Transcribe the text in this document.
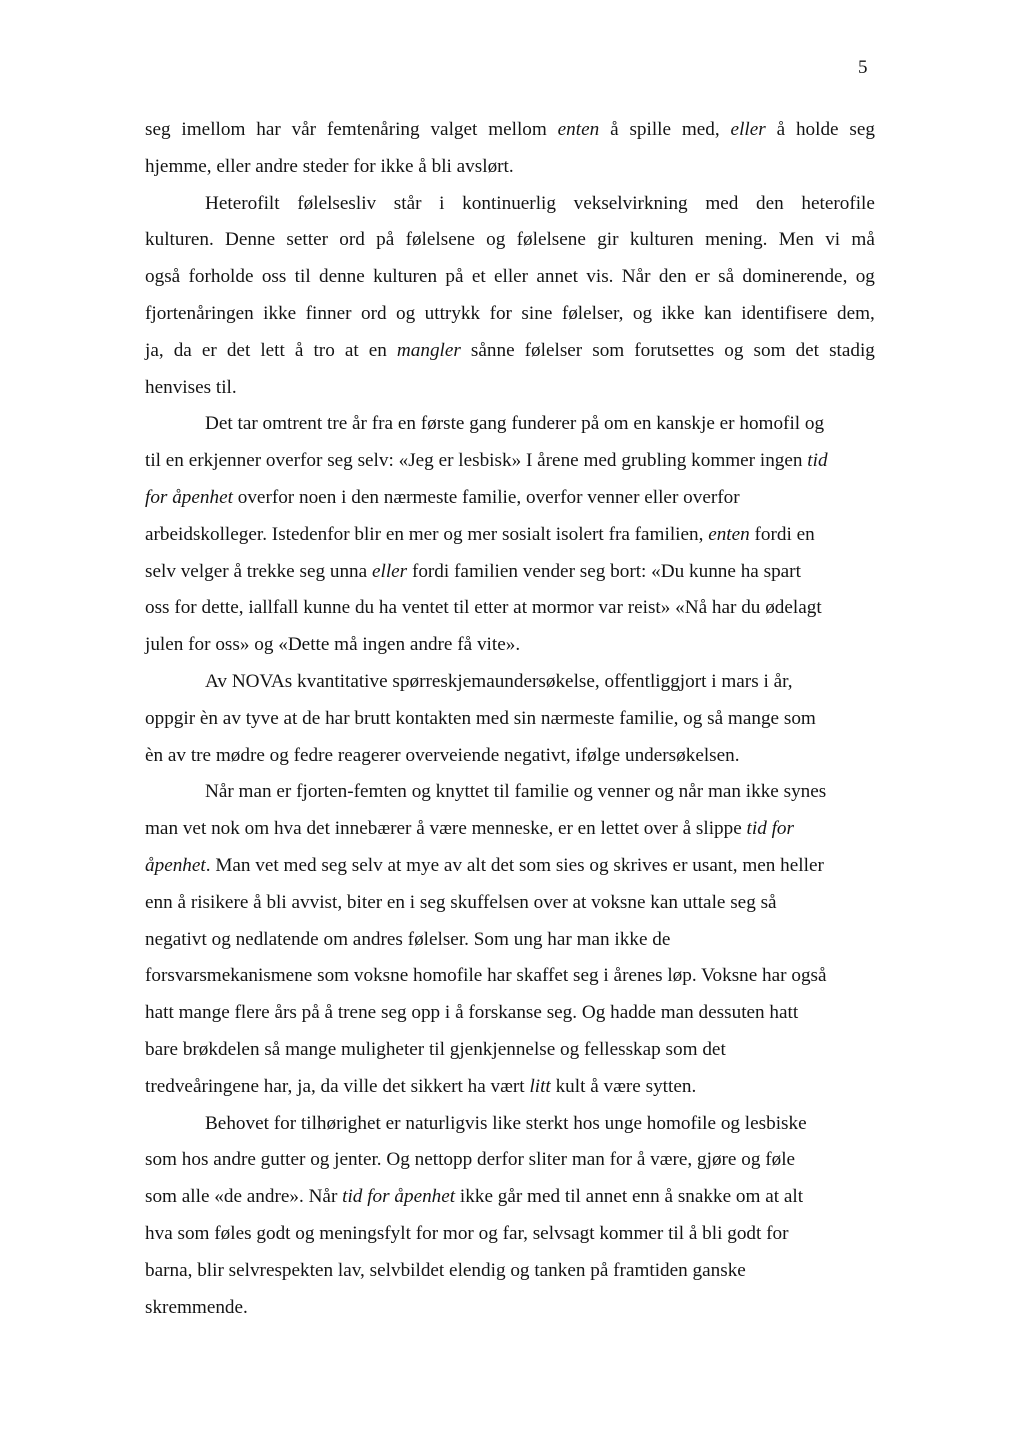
5
seg imellom har vår femtenåring valget mellom enten å spille med, eller å holde seg
hjemme, eller andre steder for ikke å bli avslørt.
Heterofilt følelsesliv står i kontinuerlig vekselvirkning med den heterofile
kulturen. Denne setter ord på følelsene og følelsene gir kulturen mening. Men vi må
også forholde oss til denne kulturen på et eller annet vis. Når den er så dominerende, og
fjortenåringen ikke finner ord og uttrykk for sine følelser, og ikke kan identifisere dem,
ja, da er det lett å tro at en mangler sånne følelser som forutsettes og som det stadig
henvises til.
Det tar omtrent tre år fra en første gang funderer på om en kanskje er homofil og
til en erkjenner overfor seg selv: «Jeg er lesbisk» I årene med grubling kommer ingen tid
for åpenhet overfor noen i den nærmeste familie, overfor venner eller overfor
arbeidskolleger. Istedenfor blir en mer og mer sosialt isolert fra familien, enten fordi en
selv velger å trekke seg unna eller fordi familien vender seg bort: «Du kunne ha spart
oss for dette, iallfall kunne du ha ventet til etter at mormor var reist» «Nå har du ødelagt
julen for oss» og «Dette må ingen andre få vite».
Av NOVAs kvantitative spørreskjemaundersøkelse, offentliggjort i mars i år,
oppgir èn av tyve at de har brutt kontakten med sin nærmeste familie, og så mange som
èn av tre mødre og fedre reagerer overveiende negativt, ifølge undersøkelsen.
Når man er fjorten-femten og knyttet til familie og venner og når man ikke synes
man vet nok om hva det innebærer å være menneske, er en lettet over å slippe tid for
åpenhet . Man vet med seg selv at mye av alt det som sies og skrives er usant, men heller
enn å risikere å bli avvist, biter en i seg skuffelsen over at voksne kan uttale seg så
negativt og nedlatende om andres følelser. Som ung har man ikke de
forsvarsmekanismene som voksne homofile har skaffet seg i årenes løp. Voksne har også
hatt mange flere års på å trene seg opp i å forskanse seg. Og hadde man dessuten hatt
bare brøkdelen så mange muligheter til gjenkjennelse og fellesskap som det
tredveåringene har, ja, da ville det sikkert ha vært litt kult å være sytten.
Behovet for tilhørighet er naturligvis like sterkt hos unge homofile og lesbiske
som hos andre gutter og jenter. Og nettopp derfor sliter man for å være, gjøre og føle
som alle «de andre». Når tid for åpenhet ikke går med til annet enn å snakke om at alt
hva som føles godt og meningsfylt for mor og far, selvsagt kommer til å bli godt for
barna, blir selvrespekten lav, selvbildet elendig og tanken på framtiden ganske
skremmende.
